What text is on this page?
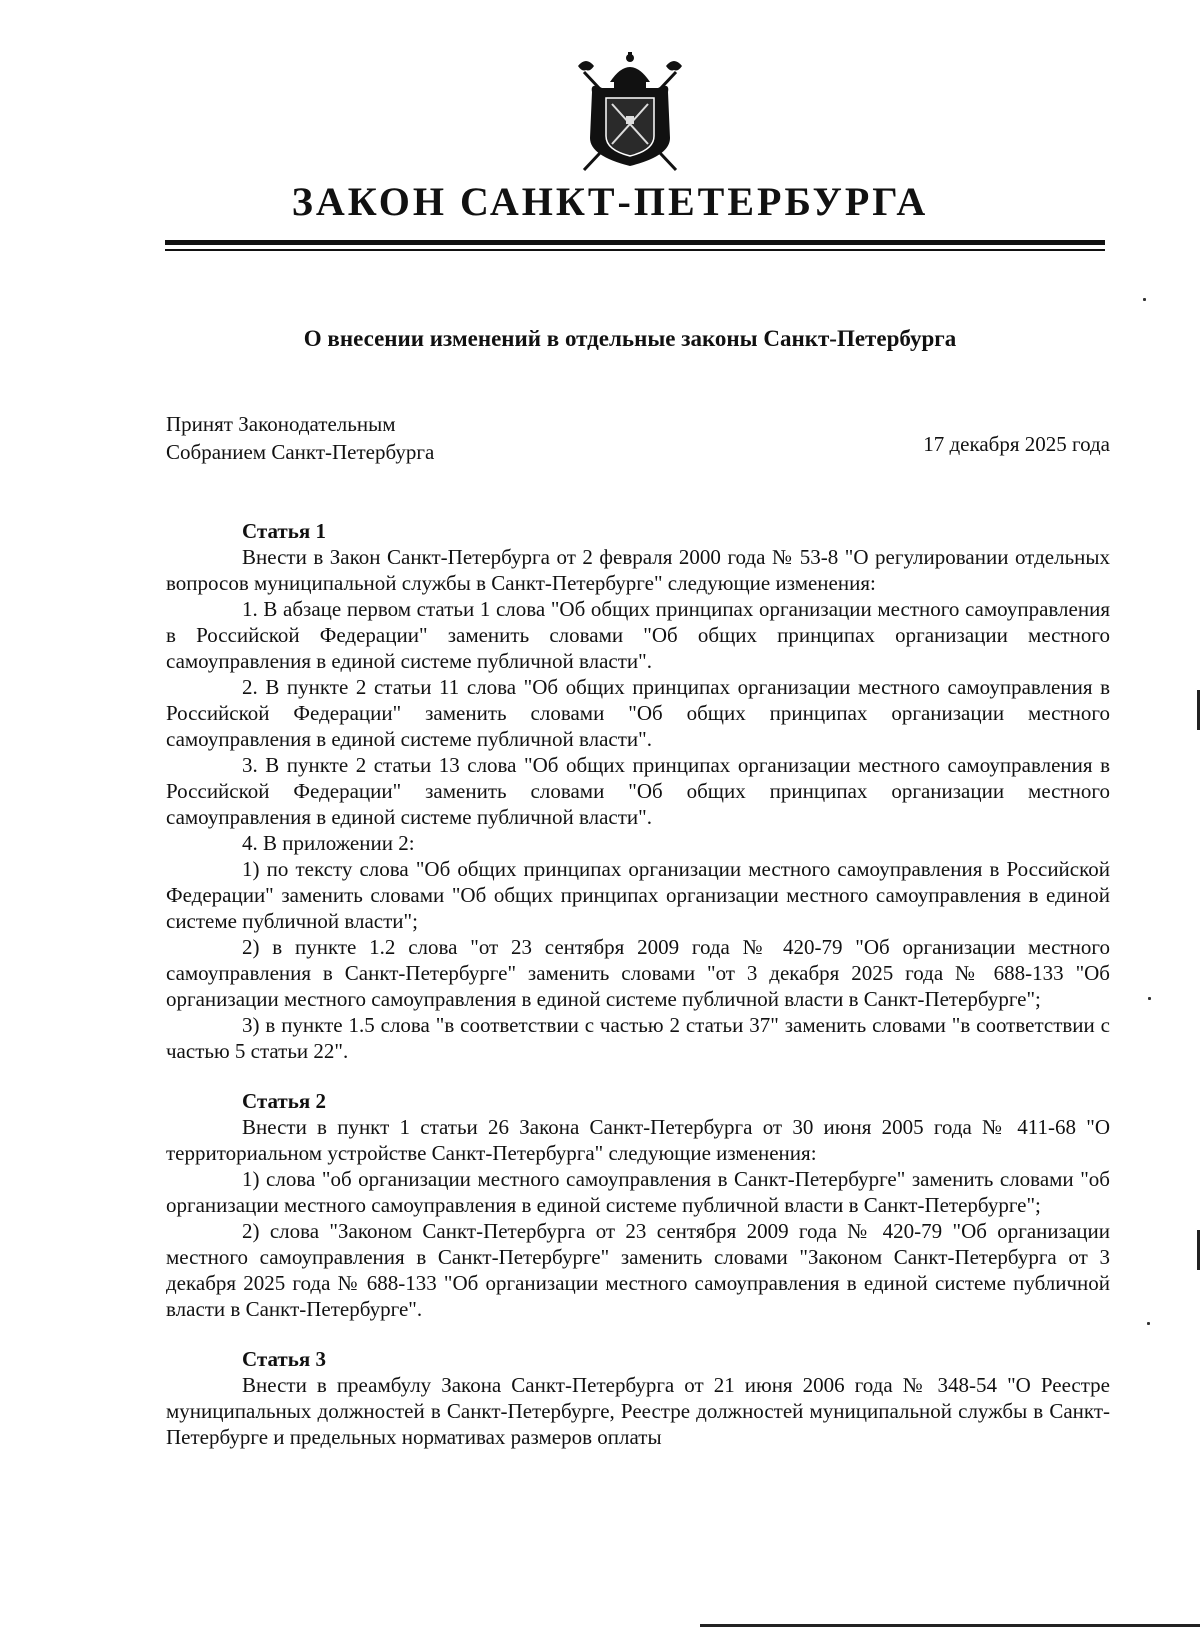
ЗАКОН САНКТ-ПЕТЕРБУРГА
О внесении изменений в отдельные законы Санкт-Петербурга
Принят Законодательным
Собранием Санкт-Петербурга	17 декабря 2025 года
Статья 1

Внести в Закон Санкт-Петербурга от 2 февраля 2000 года № 53-8 "О регулировании отдельных вопросов муниципальной службы в Санкт-Петербурге" следующие изменения:

1. В абзаце первом статьи 1 слова "Об общих принципах организации местного самоуправления в Российской Федерации" заменить словами "Об общих принципах организации местного самоуправления в единой системе публичной власти".

2. В пункте 2 статьи 11 слова "Об общих принципах организации местного самоуправления в Российской Федерации" заменить словами "Об общих принципах организации местного самоуправления в единой системе публичной власти".

3. В пункте 2 статьи 13 слова "Об общих принципах организации местного самоуправления в Российской Федерации" заменить словами "Об общих принципах организации местного самоуправления в единой системе публичной власти".

4. В приложении 2:

1) по тексту слова "Об общих принципах организации местного самоуправления в Российской Федерации" заменить словами "Об общих принципах организации местного самоуправления в единой системе публичной власти";

2) в пункте 1.2 слова "от 23 сентября 2009 года № 420-79 "Об организации местного самоуправления в Санкт-Петербурге" заменить словами "от 3 декабря 2025 года № 688-133 "Об организации местного самоуправления в единой системе публичной власти в Санкт-Петербурге";

3) в пункте 1.5 слова "в соответствии с частью 2 статьи 37" заменить словами "в соответствии с частью 5 статьи 22".

Статья 2

Внести в пункт 1 статьи 26 Закона Санкт-Петербурга от 30 июня 2005 года № 411-68 "О территориальном устройстве Санкт-Петербурга" следующие изменения:

1) слова "об организации местного самоуправления в Санкт-Петербурге" заменить словами "об организации местного самоуправления в единой системе публичной власти в Санкт-Петербурге";

2) слова "Законом Санкт-Петербурга от 23 сентября 2009 года № 420-79 "Об организации местного самоуправления в Санкт-Петербурге" заменить словами "Законом Санкт-Петербурга от 3 декабря 2025 года № 688-133 "Об организации местного самоуправления в единой системе публичной власти в Санкт-Петербурге".

Статья 3

Внести в преамбулу Закона Санкт-Петербурга от 21 июня 2006 года № 348-54 "О Реестре муниципальных должностей в Санкт-Петербурге, Реестре должностей муниципальной службы в Санкт-Петербурге и предельных нормативах размеров оплаты
